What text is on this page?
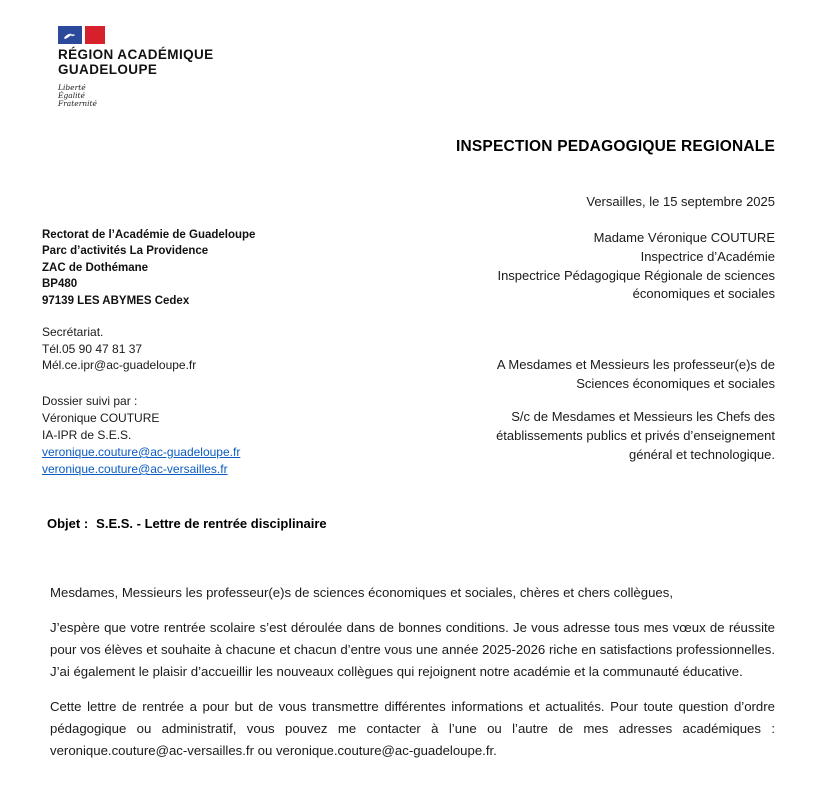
RÉGION ACADÉMIQUE
GUADELOUPE
Liberté
Égalité
Fraternité
INSPECTION PEDAGOGIQUE REGIONALE
Versailles, le 15 septembre 2025
Rectorat de l’Académie de Guadeloupe
Parc d’activités La Providence
ZAC de Dothémane
BP480
97139 LES ABYMES Cedex
Secrétariat.
Tél.05 90 47 81 37
Mél.ce.ipr@ac-guadeloupe.fr
Dossier suivi par :
Véronique COUTURE
IA-IPR de S.E.S.
veronique.couture@ac-guadeloupe.fr
veronique.couture@ac-versailles.fr
Madame Véronique COUTURE
Inspectrice d’Académie
Inspectrice Pédagogique Régionale de sciences
économiques et sociales
A Mesdames et Messieurs les professeur(e)s de
Sciences économiques et sociales
S/c de Mesdames et Messieurs les Chefs des
établissements publics et privés d’enseignement
général et technologique.
Objet : S.E.S. - Lettre de rentrée disciplinaire

Mesdames, Messieurs les professeur(e)s de sciences économiques et sociales, chères et chers collègues,

J’espère que votre rentrée scolaire s’est déroulée dans de bonnes conditions. Je vous adresse tous mes vœux de réussite pour vos élèves et souhaite à chacune et chacun d’entre vous une année 2025-2026 riche en satisfactions professionnelles. J’ai également le plaisir d’accueillir les nouveaux collègues qui rejoignent notre académie et la communauté éducative.

Cette lettre de rentrée a pour but de vous transmettre différentes informations et actualités. Pour toute question d’ordre pédagogique ou administratif, vous pouvez me contacter à l’une ou l’autre de mes adresses académiques : veronique.couture@ac-versailles.fr ou veronique.couture@ac-guadeloupe.fr.
